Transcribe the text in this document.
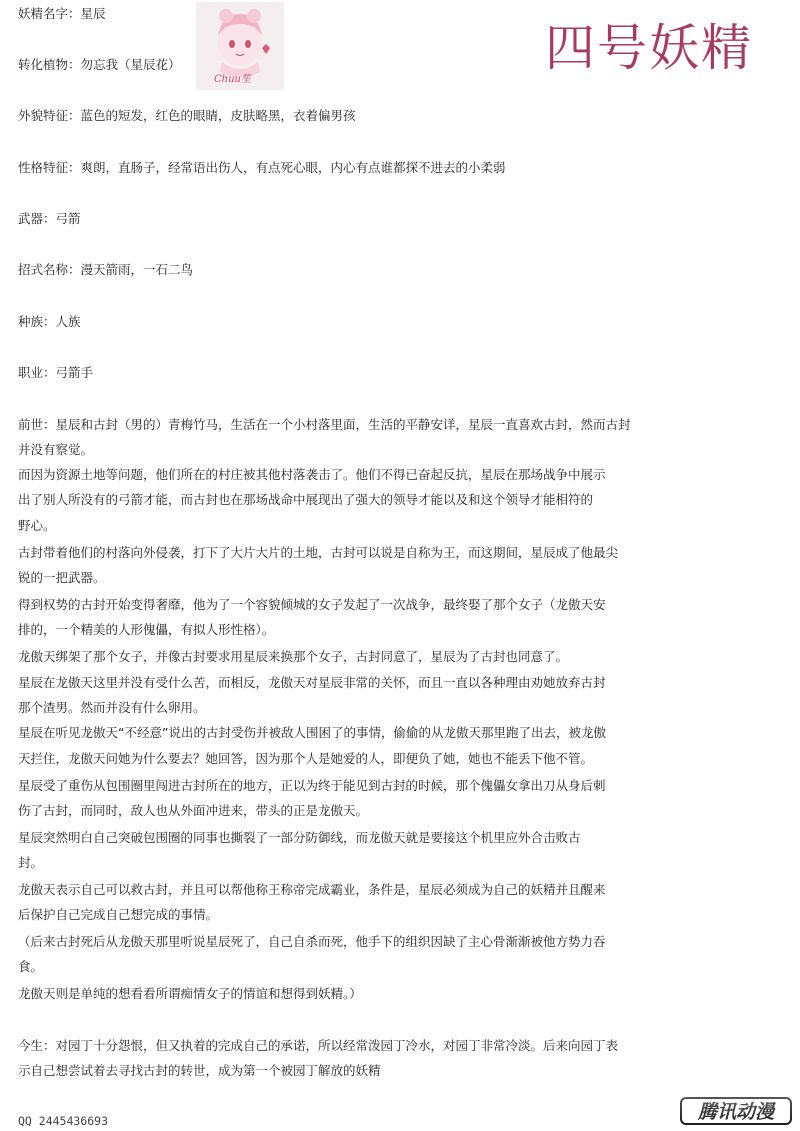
四号妖精
Chuu笙
妖精名字：星辰
转化植物：勿忘我（星辰花）
外貌特征：蓝色的短发，红色的眼睛，皮肤略黑，衣着偏男孩
性格特征：爽朗，直肠子，经常语出伤人，有点死心眼，内心有点谁都探不进去的小柔弱
武器：弓箭
招式名称：漫天箭雨，一石二鸟
种族：人族
职业：弓箭手
前世：星辰和古封（男的）青梅竹马，生活在一个小村落里面，生活的平静安详，星辰一直喜欢古封，然而古封
并没有察觉。
而因为资源土地等问题，他们所在的村庄被其他村落袭击了。他们不得已奋起反抗，星辰在那场战争中展示
出了别人所没有的弓箭才能，而古封也在那场战命中展现出了强大的领导才能以及和这个领导才能相符的
野心。
古封带着他们的村落向外侵袭，打下了大片大片的土地，古封可以说是自称为王，而这期间，星辰成了他最尖
锐的一把武器。
得到权势的古封开始变得奢靡，他为了一个容貌倾城的女子发起了一次战争，最终娶了那个女子（龙傲天安
排的，一个精美的人形傀儡，有拟人形性格）。
龙傲天绑架了那个女子，并像古封要求用星辰来换那个女子，古封同意了，星辰为了古封也同意了。
星辰在龙傲天这里并没有受什么苦，而相反，龙傲天对星辰非常的关怀，而且一直以各种理由劝她放弃古封
那个渣男。然而并没有什么卵用。
星辰在听见龙傲天“不经意”说出的古封受伤并被敌人围困了的事情，偷偷的从龙傲天那里跑了出去，被龙傲
天拦住，龙傲天问她为什么要去？她回答，因为那个人是她爱的人，即便负了她，她也不能丢下他不管。
星辰受了重伤从包围圈里闯进古封所在的地方，正以为终于能见到古封的时候，那个傀儡女拿出刀从身后刺
伤了古封，而同时，敌人也从外面冲进来，带头的正是龙傲天。
星辰突然明白自己突破包围圈的同事也撕裂了一部分防御线，而龙傲天就是要接这个机里应外合击败古
封。
龙傲天表示自己可以救古封，并且可以帮他称王称帝完成霸业，条件是，星辰必须成为自己的妖精并且醒来
后保护自己完成自己想完成的事情。
（后来古封死后从龙傲天那里听说星辰死了，自己自杀而死，他手下的组织因缺了主心骨渐渐被他方势力吞
食。
龙傲天则是单纯的想看看所谓痴情女子的情谊和想得到妖精。）
今生：对园丁十分怨恨，但又执着的完成自己的承诺，所以经常泼园丁冷水，对园丁非常冷淡。后来向园丁表
示自己想尝试着去寻找古封的转世，成为第一个被园丁解放的妖精
QQ 2445436693	腾讯动漫
